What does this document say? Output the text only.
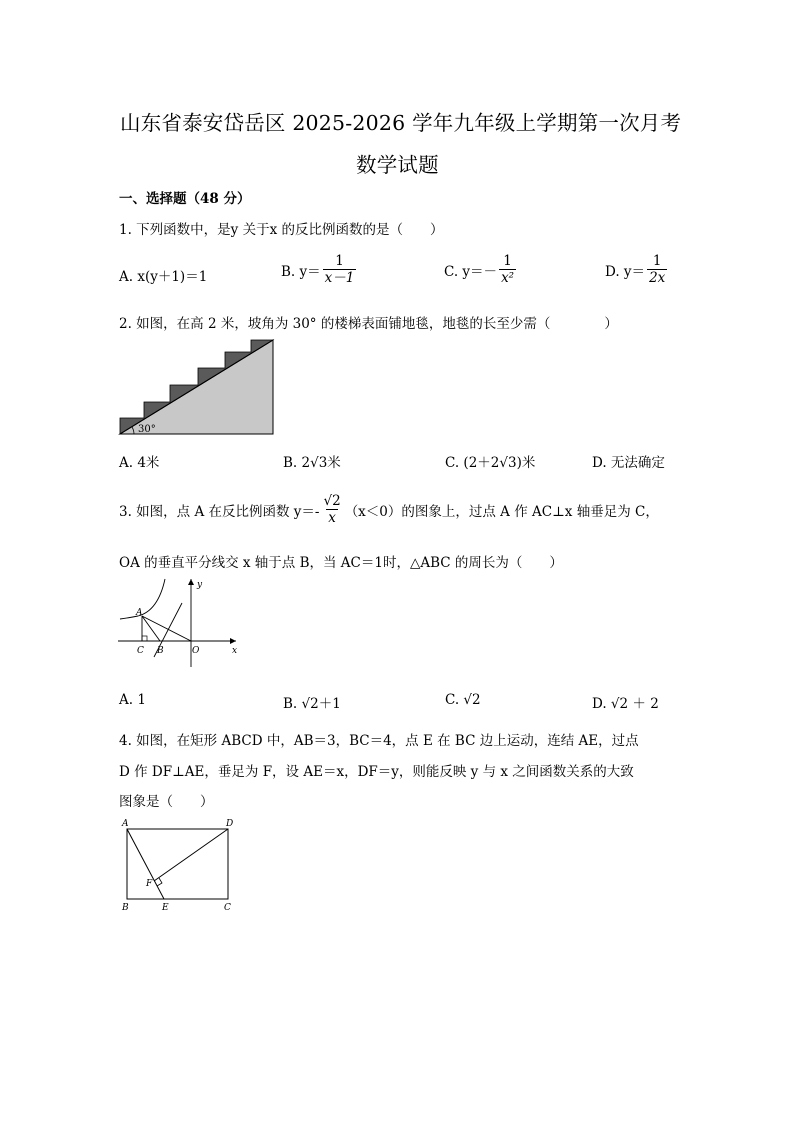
山东省泰安岱岳区 2025-2026 学年九年级上学期第一次月考
数学试题
一、选择题（48 分）
1. 下列函数中，是y 关于x 的反比例函数的是（　　）
A. x(y＋1)＝1	B. $y= \frac{1}{x-1}$	C. $y=- \frac{1}{\text{x²}}$	D. $y= \frac{1}{2x}$
2. 如图，在高 2 米，坡角为 30° 的楼梯表面铺地毯，地毯的长至少需（　　　　）
30°
A. 4米	B. 2√3米	C. (2＋2√3)米	D. 无法确定
3. 如图，点 A 在反比例函数 $y=- \frac{√2}{x} (x<0)$的图象上，过点 A 作 AC⊥x 轴垂足为 C，
OA 的垂直平分线交 x 轴于点 B，当 AC＝1时，△ABC 的周长为（　　）
y
x
A
C B	O
A. 1	B. √2＋1	C. √2	D. √2 ＋ 2
4. 如图，在矩形 ABCD 中，AB＝3，BC＝4，点 E 在 BC 边上运动，连结 AE，过点
D 作 DF⊥AE，垂足为 F，设 AE＝x，DF＝y，则能反映 y 与 x 之间函数关系的大致
图象是（　　）
A	D
F
B	E	C
